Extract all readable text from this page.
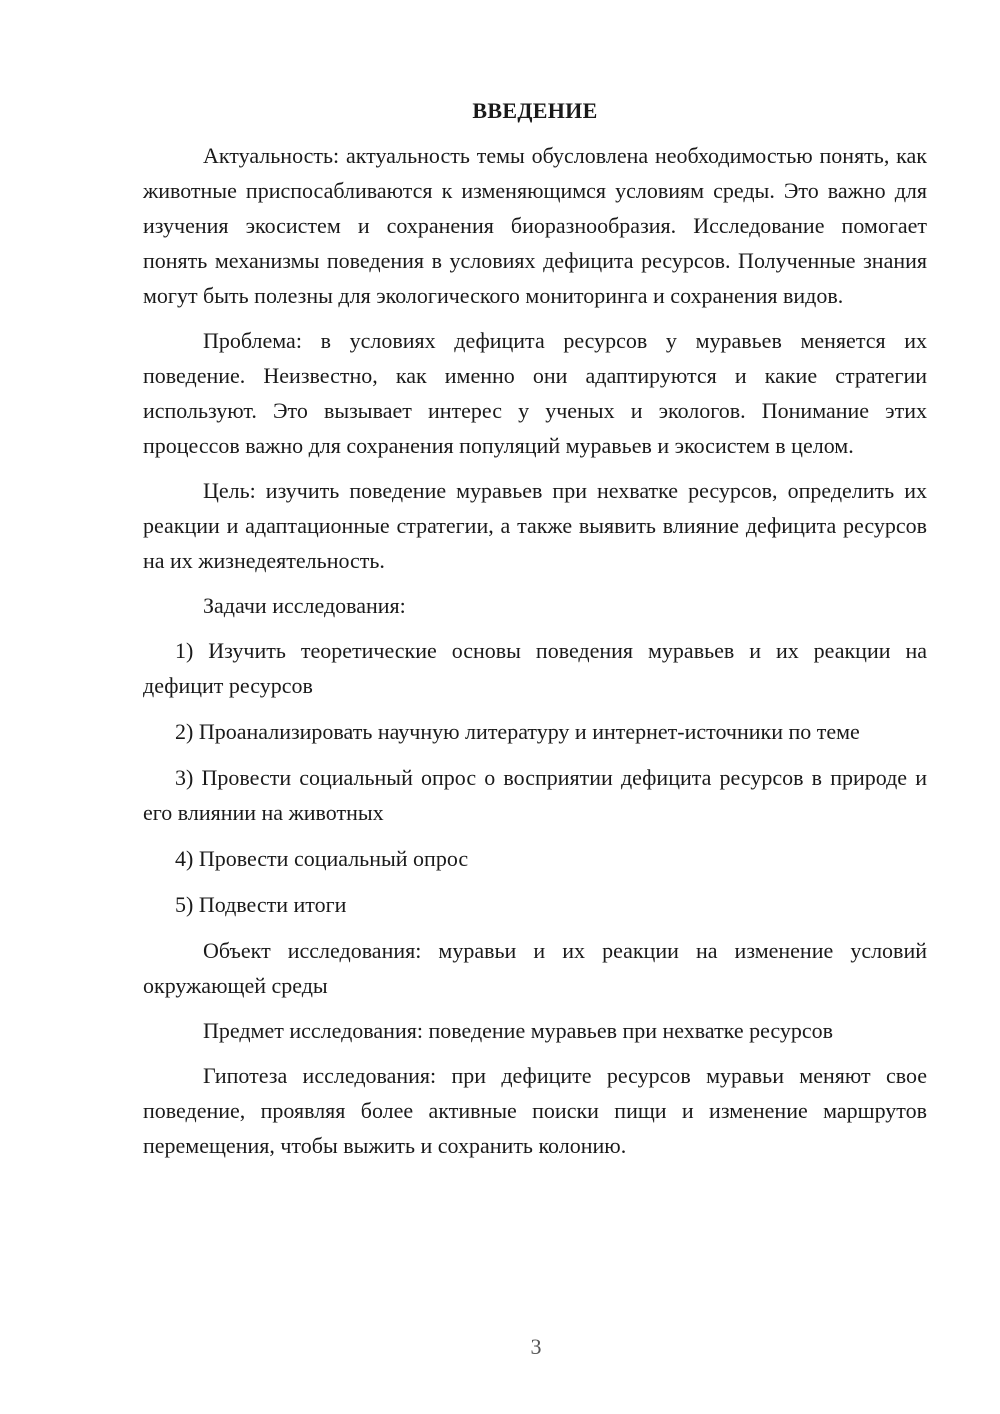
ВВЕДЕНИЕ

Актуальность: актуальность темы обусловлена необходимостью понять, как животные приспосабливаются к изменяющимся условиям среды. Это важно для изучения экосистем и сохранения биоразнообразия. Исследование помогает понять механизмы поведения в условиях дефицита ресурсов. Полученные знания могут быть полезны для экологического мониторинга и сохранения видов.

Проблема: в условиях дефицита ресурсов у муравьев меняется их поведение. Неизвестно, как именно они адаптируются и какие стратегии используют. Это вызывает интерес у ученых и экологов. Понимание этих процессов важно для сохранения популяций муравьев и экосистем в целом.

Цель: изучить поведение муравьев при нехватке ресурсов, определить их реакции и адаптационные стратегии, а также выявить влияние дефицита ресурсов на их жизнедеятельность.

Задачи исследования:

1) Изучить теоретические основы поведения муравьев и их реакции на дефицит ресурсов

2) Проанализировать научную литературу и интернет-источники по теме

3) Провести социальный опрос о восприятии дефицита ресурсов в природе и его влиянии на животных

4) Провести социальный опрос

5) Подвести итоги

Объект исследования: муравьи и их реакции на изменение условий окружающей среды

Предмет исследования: поведение муравьев при нехватке ресурсов

Гипотеза исследования: при дефиците ресурсов муравьи меняют свое поведение, проявляя более активные поиски пищи и изменение маршрутов перемещения, чтобы выжить и сохранить колонию.

3
